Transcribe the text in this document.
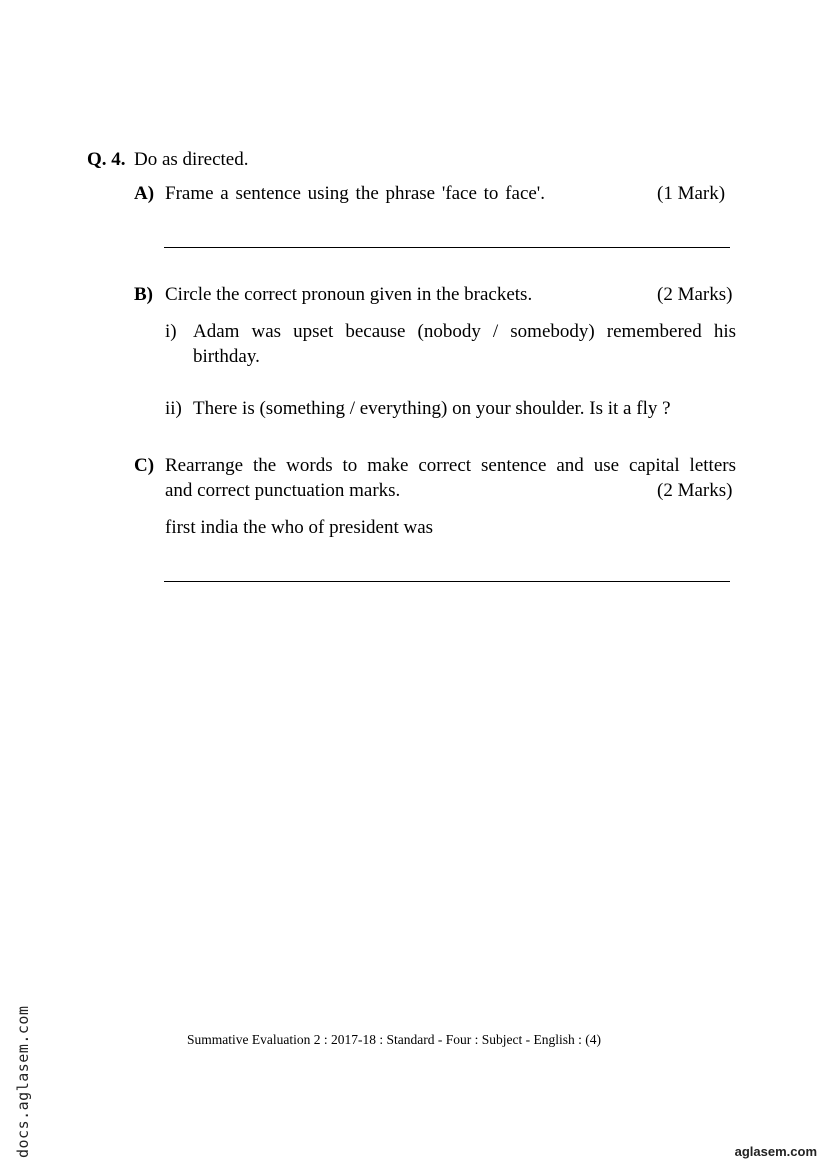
Q. 4. Do as directed.
A) Frame a sentence using the phrase 'face to face'.	(1 Mark)
B) Circle the correct pronoun given in the brackets.	(2 Marks)
i) Adam was upset because (nobody / somebody) remembered his
birthday.
ii) There is (something / everything) on your shoulder. Is it a fly ?
C) Rearrange the words to make correct sentence and use capital letters
and correct punctuation marks.	(2 Marks)
first india the who of president was
Summative Evaluation 2 : 2017-18 : Standard - Four : Subject - English : (4)
docs.aglasem.com	aglasem.com
